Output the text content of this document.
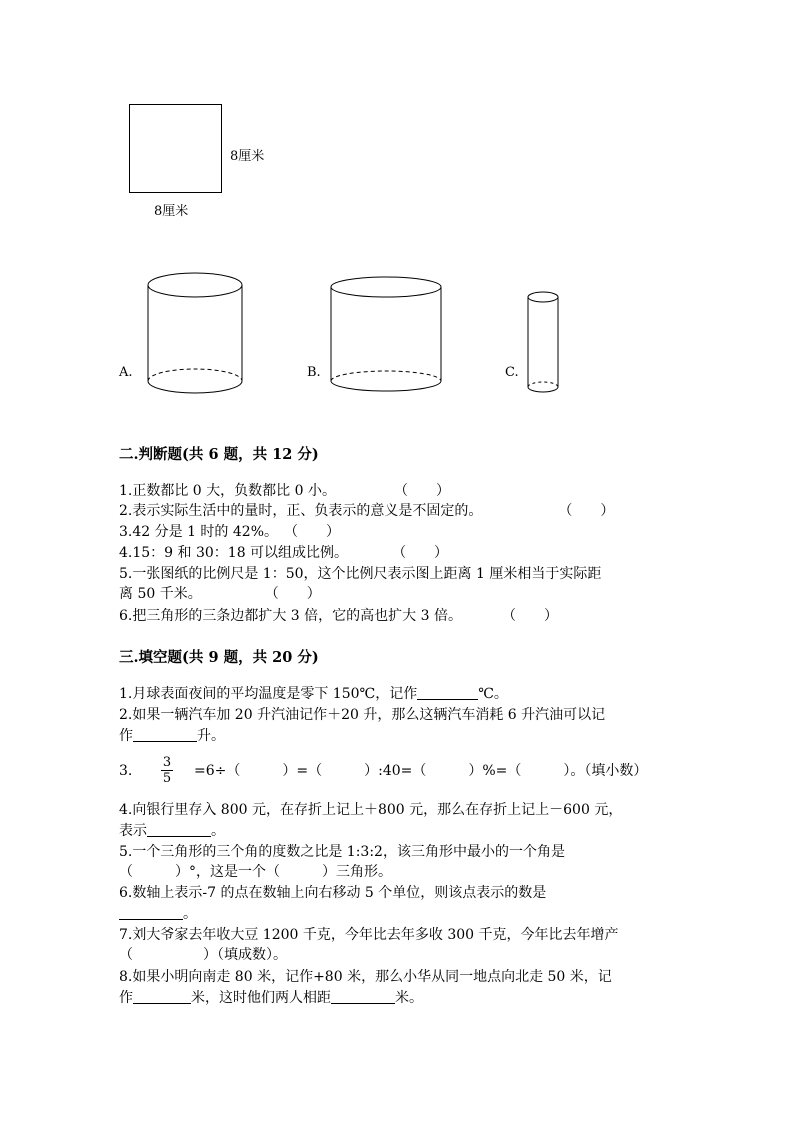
8厘米
8厘米
A.	B.	C.
二.判断题(共 6 题，共 12 分)
1.正数都比 0 大，负数都比 0 小。	（　　）
2.表示实际生活中的量时，正、负表示的意义是不固定的。	（　　）
3.42 分是 1 时的 42%。 （　　）
4.15：9 和 30：18 可以组成比例。	（　　）
5.一张图纸的比例尺是 1：50，这个比例尺表示图上距离 1 厘米相当于实际距
离 50 千米。	（　　）
6.把三角形的三条边都扩大 3 倍，它的高也扩大 3 倍。	（　　）
三.填空题(共 9 题，共 20 分)
1.月球表面夜间的平均温度是零下 150℃，记作	℃。
2.如果一辆汽车加 20 升汽油记作＋20 升，那么这辆汽车消耗 6 升汽油可以记
作	升。
3.
3
5 =6÷（　　　）=（　　　）:40=（　　　）%=（　　　）。（填小数）
4.向银行里存入 800 元，在存折上记上＋800 元，那么在存折上记上－600 元，
表示	。
5.一个三角形的三个角的度数之比是 1:3:2，该三角形中最小的一个角是
（　　　）°，这是一个（　　　）三角形。
6.数轴上表示-7 的点在数轴上向右移动 5 个单位，则该点表示的数是
。
7.刘大爷家去年收大豆 1200 千克，今年比去年多收 300 千克，今年比去年增产
（　　　　　）（填成数）。
8.如果小明向南走 80 米，记作+80 米，那么小华从同一地点向北走 50 米，记
作	米，这时他们两人相距	米。
